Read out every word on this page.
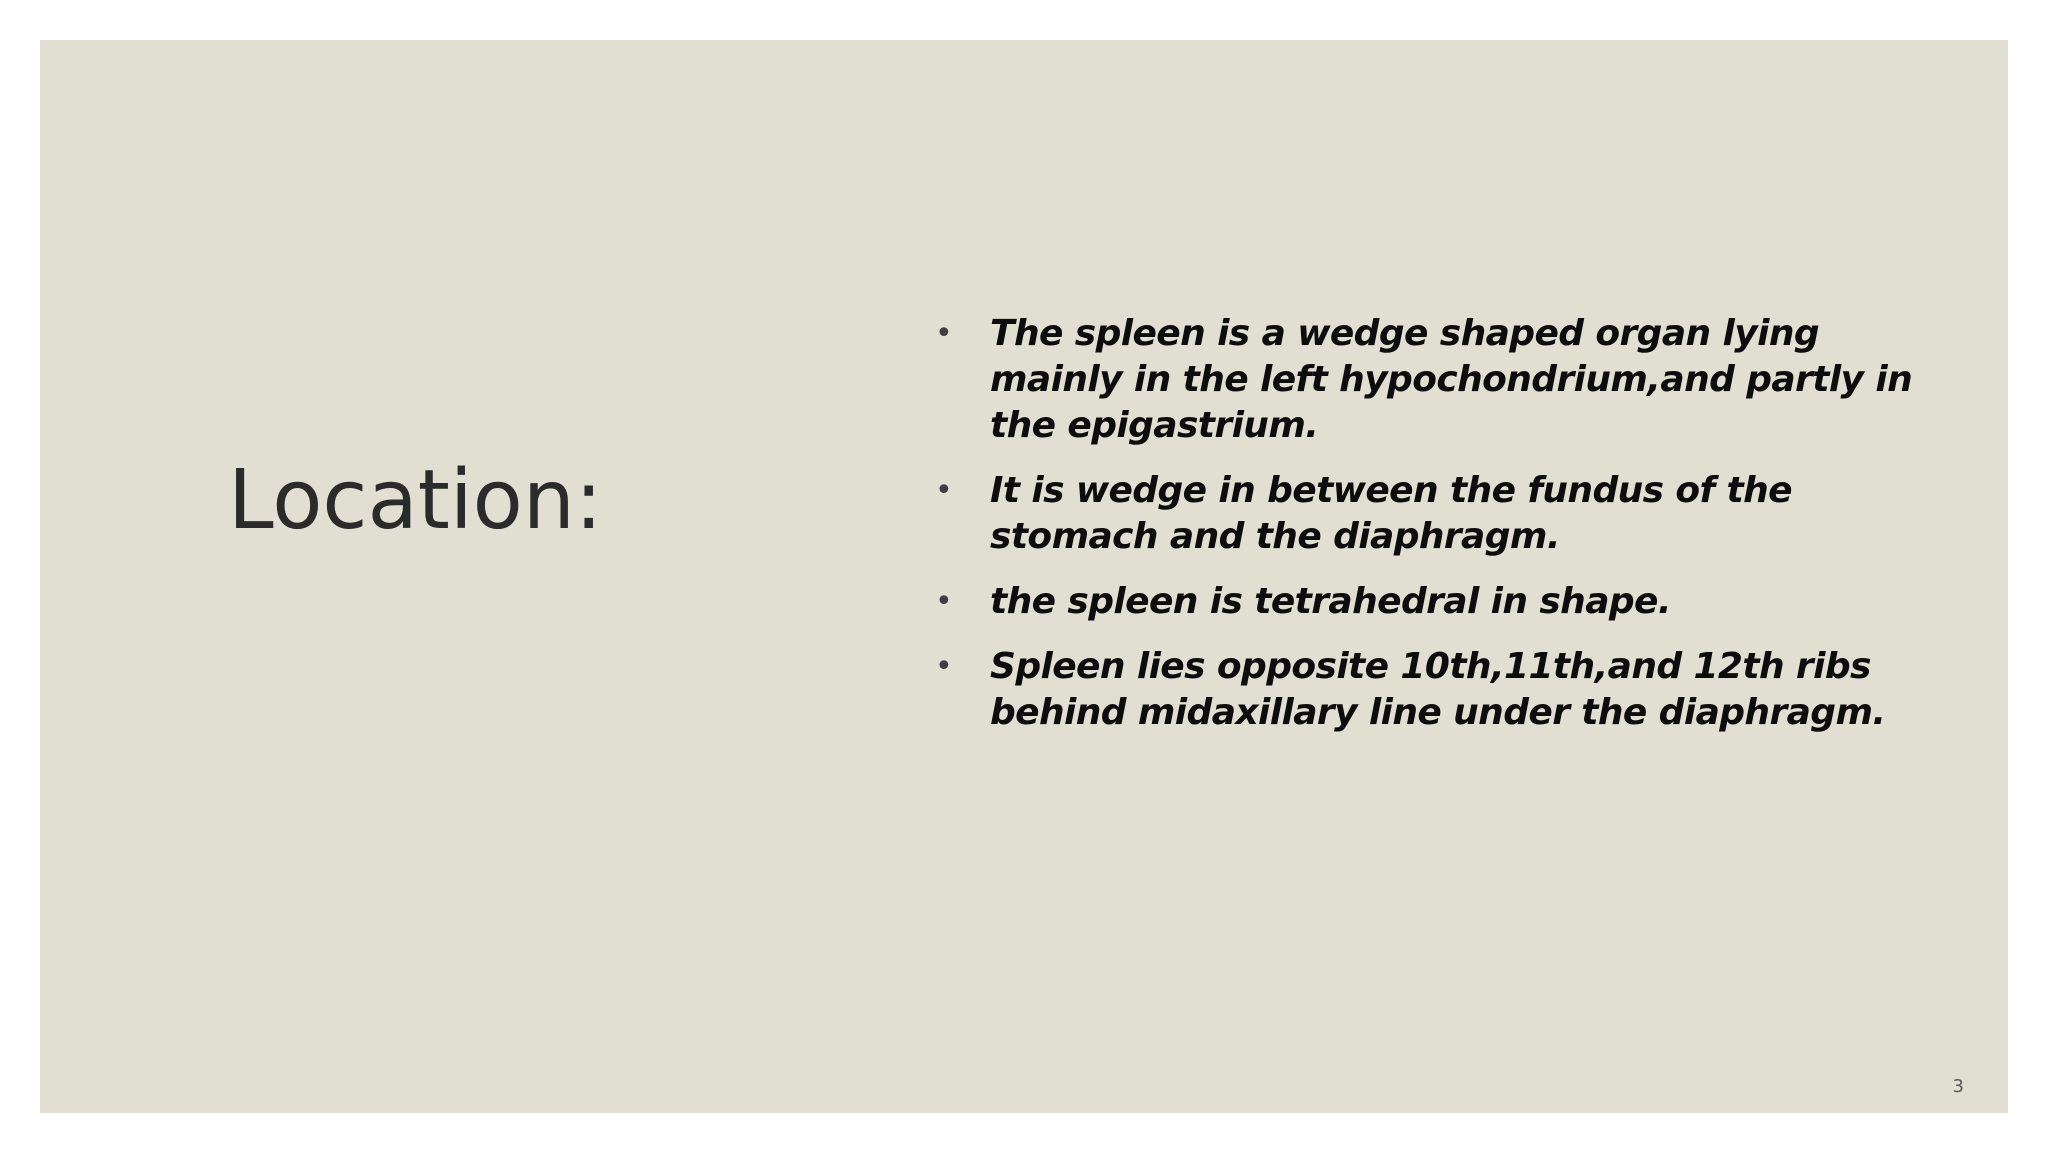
Location:
• The spleen is a wedge shaped organ lying mainly in the left hypochondrium,and partly in the epigastrium.
• It is wedge in between the fundus of the stomach and the diaphragm.
• the spleen is tetrahedral in shape.
• Spleen lies opposite 10th,11th,and 12th ribs behind midaxillary line under the diaphragm.
3
